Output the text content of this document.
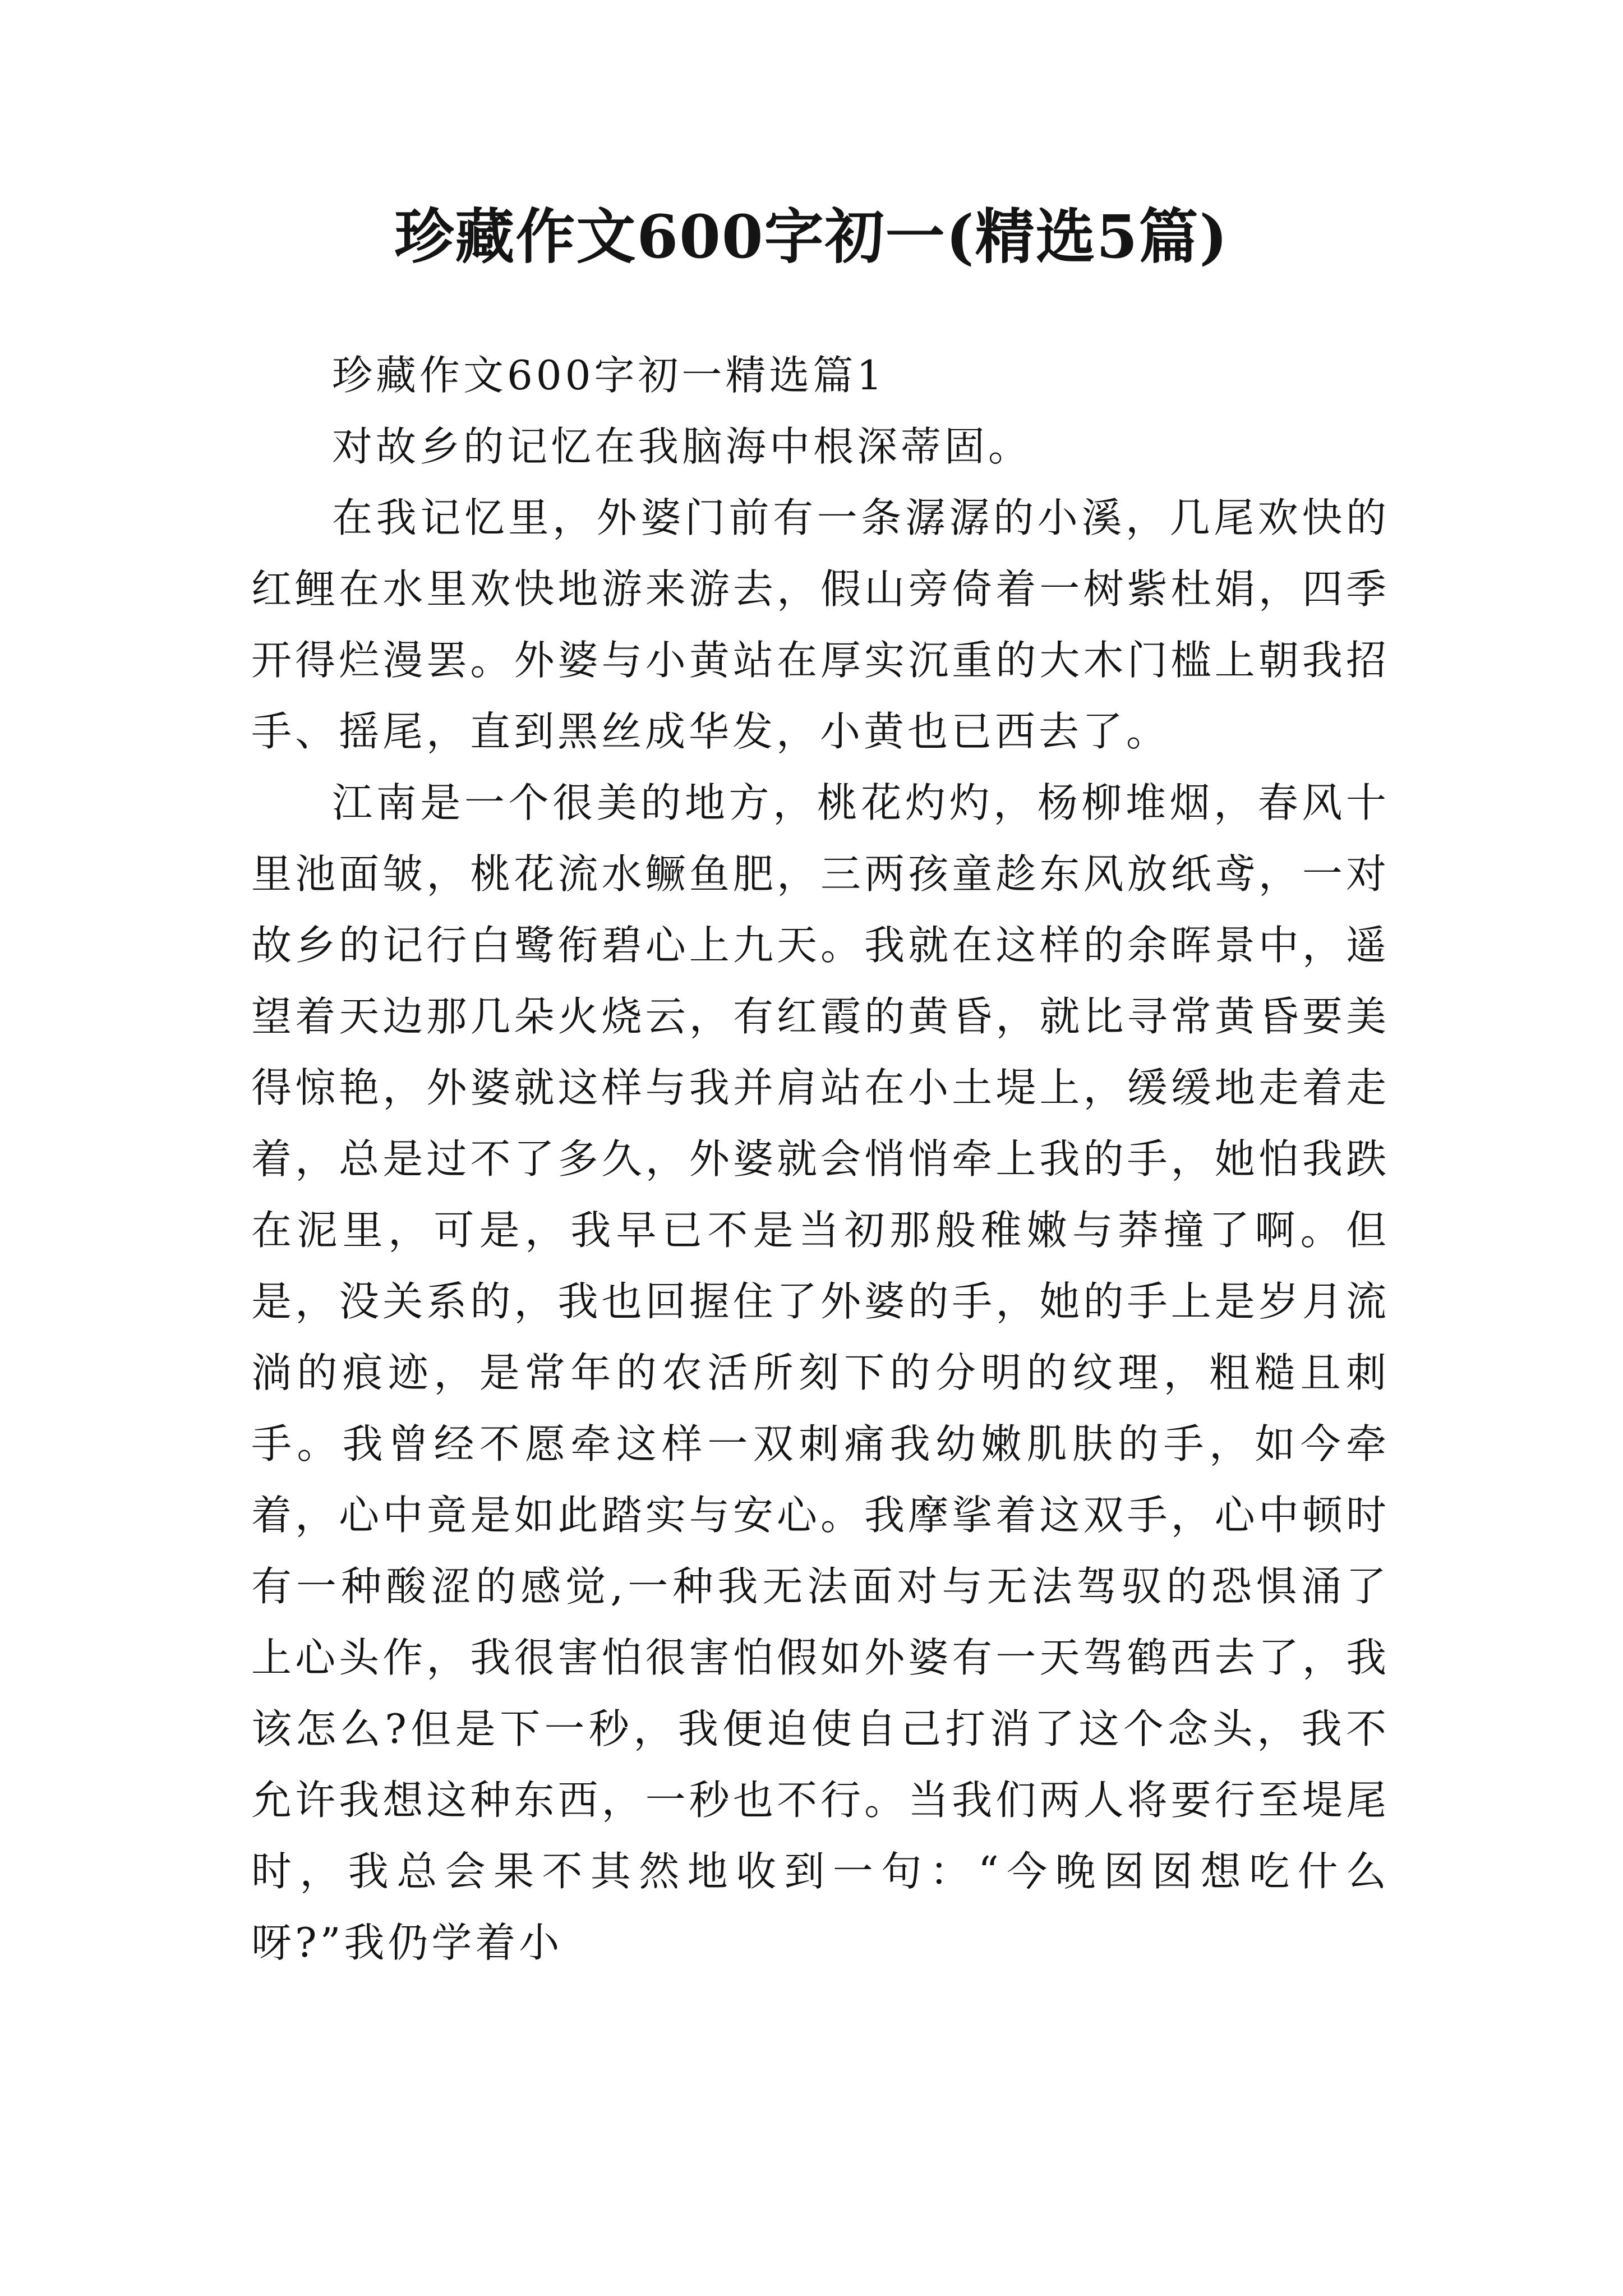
珍藏作文600字初一(精选5篇)

珍藏作文600字初一精选篇1

对故乡的记忆在我脑海中根深蒂固。

在我记忆里，外婆门前有一条潺潺的小溪，几尾欢快的红鲤在水里欢快地游来游去，假山旁倚着一树紫杜娟，四季开得烂漫罢。外婆与小黄站在厚实沉重的大木门槛上朝我招手、摇尾，直到黑丝成华发，小黄也已西去了。

江南是一个很美的地方，桃花灼灼，杨柳堆烟，春风十里池面皱，桃花流水鳜鱼肥，三两孩童趁东风放纸鸢，一对故乡的记行白鹭衔碧心上九天。我就在这样的余晖景中，遥望着天边那几朵火烧云，有红霞的黄昏，就比寻常黄昏要美得惊艳，外婆就这样与我并肩站在小土堤上，缓缓地走着走着，总是过不了多久，外婆就会悄悄牵上我的手，她怕我跌在泥里，可是，我早已不是当初那般稚嫩与莽撞了啊。但是，没关系的，我也回握住了外婆的手，她的手上是岁月流淌的痕迹，是常年的农活所刻下的分明的纹理，粗糙且刺手。我曾经不愿牵这样一双刺痛我幼嫩肌肤的手，如今牵着，心中竟是如此踏实与安心。我摩挲着这双手，心中顿时有一种酸涩的感觉,一种我无法面对与无法驾驭的恐惧涌了上心头作，我很害怕很害怕假如外婆有一天驾鹤西去了，我该怎么?但是下一秒，我便迫使自己打消了这个念头，我不允许我想这种东西，一秒也不行。当我们两人将要行至堤尾时，我总会果不其然地收到一句：“今晚囡囡想吃什么呀?”我仍学着小
